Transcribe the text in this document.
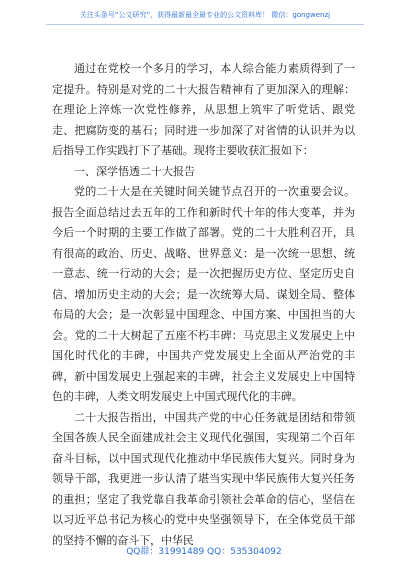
关注头条号“公文研究”，获得最新最全最专业的公文资料库！ 微信：gongwenzj

通过在党校一个多月的学习，本人综合能力素质得到了一定提升。特别是对党的二十大报告精神有了更加深入的理解：在理论上淬炼一次党性修养，从思想上筑牢了听党话、跟党走、把腐防变的基石；同时进一步加深了对省情的认识并为以后指导工作实践打下了基础。现将主要收获汇报如下：

一、深学悟透二十大报告

党的二十大是在关键时间关键节点召开的一次重要会议。报告全面总结过去五年的工作和新时代十年的伟大变革，并为今后一个时期的主要工作做了部署。党的二十大胜利召开，具有很高的政治、历史、战略、世界意义：是一次统一思想、统一意志、统一行动的大会；是一次把握历史方位、坚定历史自信、增加历史主动的大会；是一次统筹大局、谋划全局、整体布局的大会；是一次彰显中国理念、中国方案、中国担当的大会。党的二十大树起了五座不朽丰碑：马克思主义发展史上中国化时代化的丰碑，中国共产党发展史上全面从严治党的丰碑，新中国发展史上强起来的丰碑，社会主义发展史上中国特色的丰碑，人类文明发展史上中国式现代化的丰碑。

二十大报告指出，中国共产党的中心任务就是团结和带领全国各族人民全面建成社会主义现代化强国，实现第二个百年奋斗目标，以中国式现代化推动中华民族伟大复兴。同时身为领导干部，我更进一步认清了堪当实现中华民族伟大复兴任务的重担；坚定了我党靠自我革命引领社会革命的信心，坚信在以习近平总书记为核心的党中央坚强领导下，在全体党员干部的坚持不懈的奋斗下，中华民

QQ群：31991489 QQ：535304092
